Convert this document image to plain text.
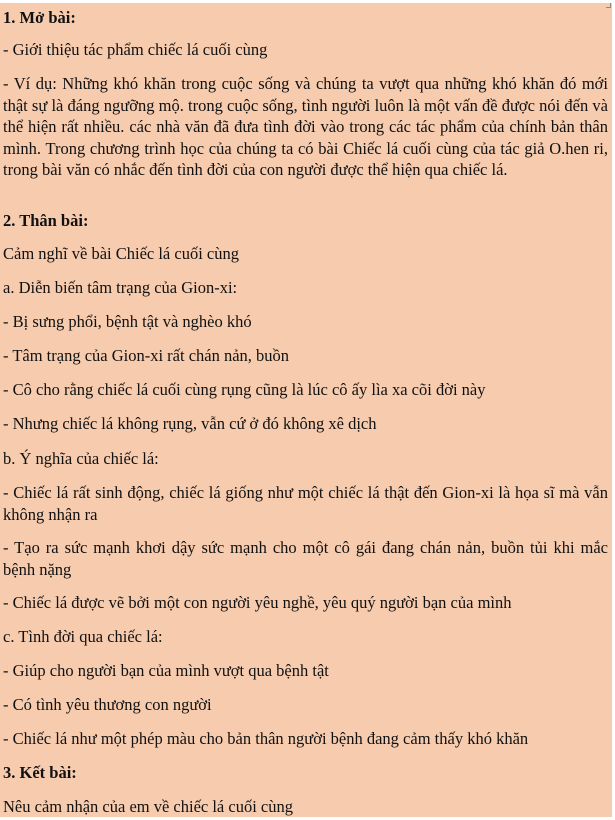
1. Mở bài:

- Giới thiệu tác phẩm chiếc lá cuối cùng

- Ví dụ: Những khó khăn trong cuộc sống và chúng ta vượt qua những khó khăn đó mới thật sự là đáng ngưỡng mộ. trong cuộc sống, tình người luôn là một vấn đề được nói đến và thể hiện rất nhiều. các nhà văn đã đưa tình đời vào trong các tác phẩm của chính bản thân mình. Trong chương trình học của chúng ta có bài Chiếc lá cuối cùng của tác giả O.hen ri, trong bài văn có nhắc đến tình đời của con người được thể hiện qua chiếc lá.

2. Thân bài:

Cảm nghĩ về bài Chiếc lá cuối cùng

a. Diễn biến tâm trạng của Gion-xi:

- Bị sưng phổi, bệnh tật và nghèo khó

- Tâm trạng của Gion-xi rất chán nản, buồn

- Cô cho rằng chiếc lá cuối cùng rụng cũng là lúc cô ấy lìa xa cõi đời này

- Nhưng chiếc lá không rụng, vẫn cứ ở đó không xê dịch

b. Ý nghĩa của chiếc lá:

- Chiếc lá rất sinh động, chiếc lá giống như một chiếc lá thật đến Gion-xi là họa sĩ mà vẫn không nhận ra

- Tạo ra sức mạnh khơi dậy sức mạnh cho một cô gái đang chán nản, buồn tủi khi mắc bệnh nặng

- Chiếc lá được vẽ bởi một con người yêu nghề, yêu quý người bạn của mình

c. Tình đời qua chiếc lá:

- Giúp cho người bạn của mình vượt qua bệnh tật

- Có tình yêu thương con người

- Chiếc lá như một phép màu cho bản thân người bệnh đang cảm thấy khó khăn

3. Kết bài:

Nêu cảm nhận của em về chiếc lá cuối cùng
